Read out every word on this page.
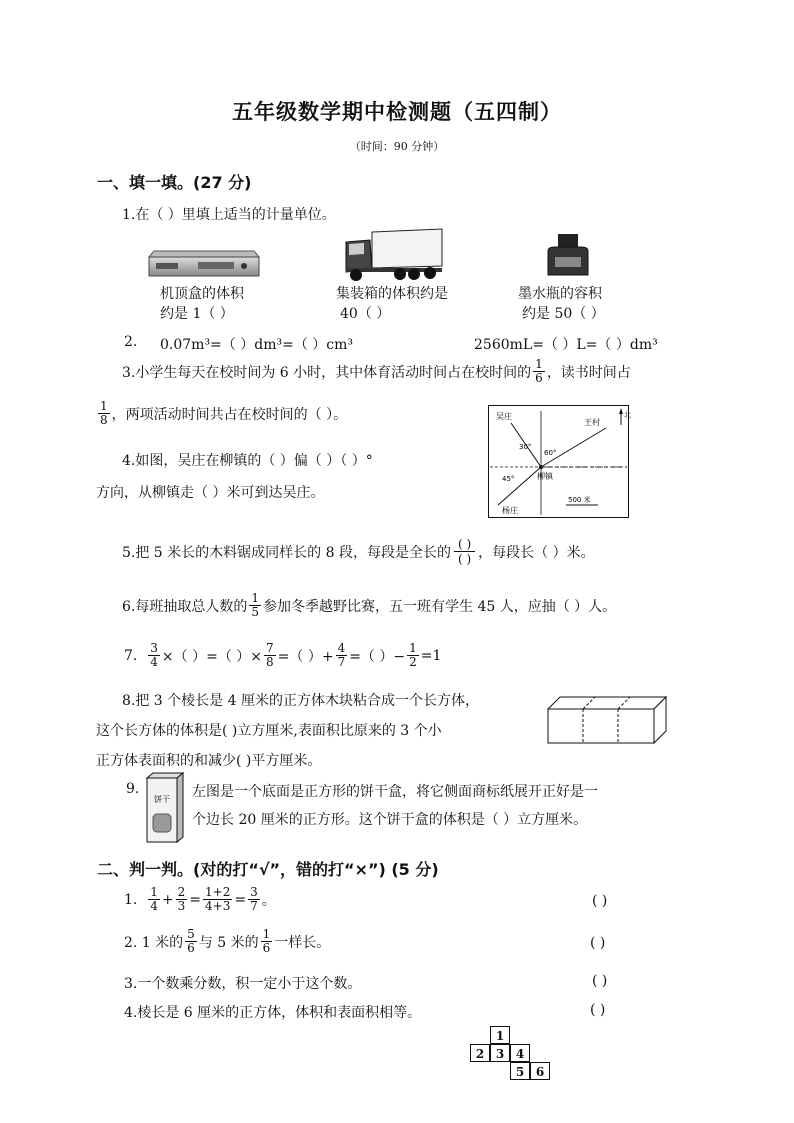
五年级数学期中检测题（五四制）
（时间：90 分钟）
一、填一填。(27 分)
1.在（ ）里填上适当的计量单位。
机顶盒的体积
约是 1（ ）
集装箱的体积约是
40（ ）
墨水瓶的容积
约是 50（ ）
2. 0.07m³=（ ）dm³=（ ）cm³	2560mL=（ ）L=（ ）dm³
3.小学生每天在校时间为 6 小时，其中体育活动时间占在校时间的 $\frac{1}{6}$ ，读书时间占
$\frac{1}{8}$ ，两项活动时间共占在校时间的（ ）。
4.如图，吴庄在柳镇的（ ）偏（ ）（ ）°
方向，从柳镇走（ ）米可到达吴庄。
北
吴庄
王村
杨庄
柳镇
30°
60°
45°
500 米
5.把 5 米长的木料锯成同样长的 8 段，每段是全长的
( )
( ) ，每段长（ ）米。
6.每班抽取总人数的 $\frac{1}{5}$ 参加冬季越野比赛，五一班有学生 45 人，应抽（ ）人。
7.
$\frac{3}{4}$ ×（ ）=（ ）× $\frac{7}{8}$ =（ ）+ $\frac{4}{7}$ =（ ）− $\frac{1}{2} =1$
8.把 3 个棱长是 4 厘米的正方体木块粘合成一个长方体，
这个长方体的体积是( )立方厘米,表面积比原来的 3 个小
正方体表面积的和减少( )平方厘米。
9.
饼干 左图是一个底面是正方形的饼干盒，将它侧面商标纸展开正好是一
个边长 20 厘米的正方形。这个饼干盒的体积是（ ）立方厘米。
二、判一判。(对的打“√”，错的打“×”) (5 分)
1.
$\frac{1}{4} + \frac{2}{3} = \frac{1+2}{4+3} = \frac{3}{7}$ 。	( )
2. 1 米的 $\frac{5}{6}$ 与 5 米的 $\frac{1}{6}$ 一样长。	( )
3.一个数乘分数，积一定小于这个数。	( )
4.棱长是 6 厘米的正方体，体积和表面积相等。	( )
1
2 3 4
5 6
